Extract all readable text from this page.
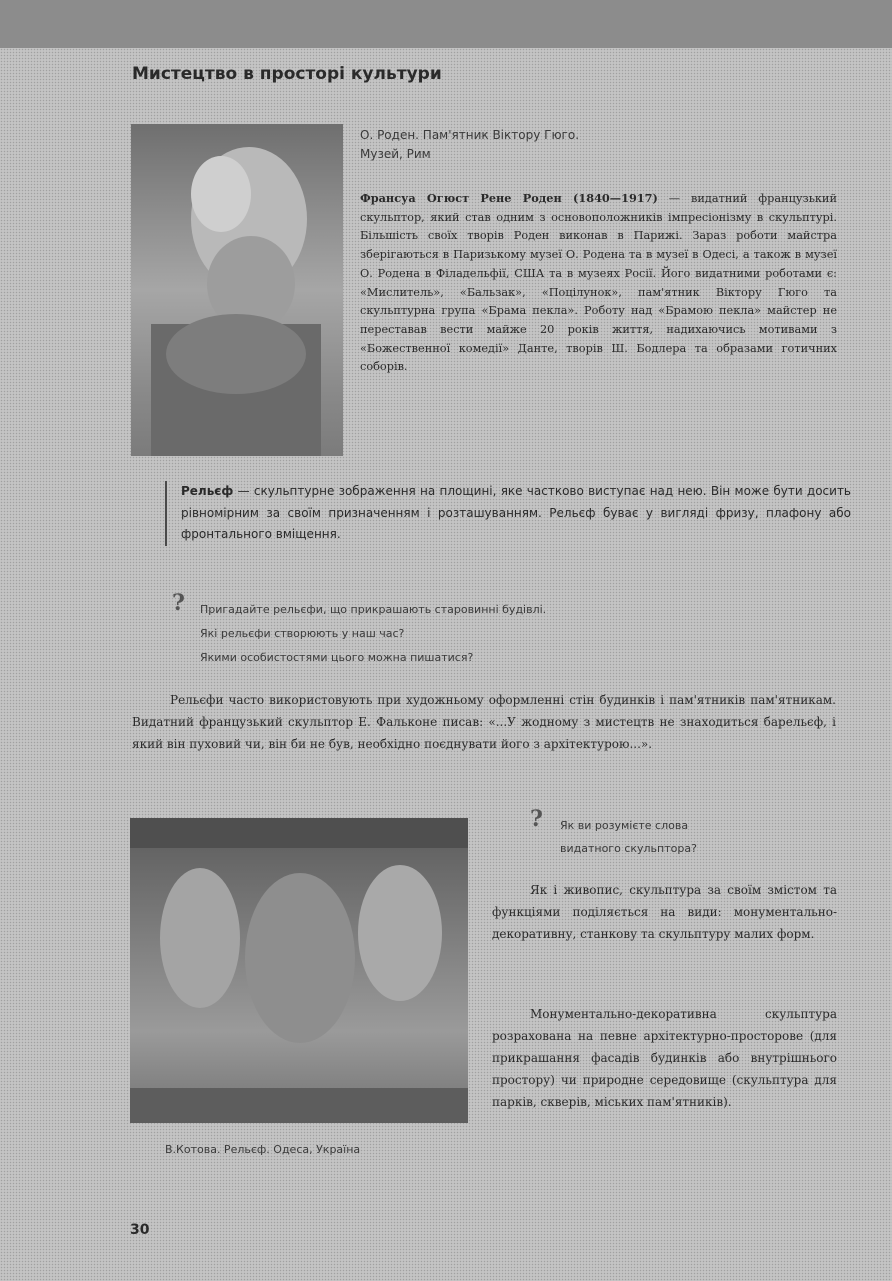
Мистецтво в просторі культури
О. Роден. Пам'ятник Віктору Гюго.
Музей, Рим
Франсуа Огюст Рене Роден (1840—1917) — видатний французький скульптор, який став одним з основоположників імпресіонізму в скульптурі. Більшість своїх творів Роден виконав в Парижі. Зараз роботи майстра зберігаються в Паризькому музеї О. Родена та в музеї в Одесі, а також в музеї О. Родена в Філадельфії, США та в музеях Росії. Його видатними роботами є: «Мислитель», «Бальзак», «Поцілунок», пам'ятник Віктору Гюго та скульптурна група «Брама пекла». Роботу над «Брамою пекла» майстер не переставав вести майже 20 років життя, надихаючись мотивами з «Божественної комедії» Данте, творів Ш. Бодлера та образами готичних соборів.
Рельєф — скульптурне зображення на площині, яке частково виступає над нею. Він може бути досить рівномірним за своїм призначенням і розташуванням. Рельєф буває у вигляді фризу, плафону або фронтального вміщення.
? Пригадайте рельєфи, що прикрашають старовинні будівлі.
Які рельєфи створюють у наш час?
Якими особистостями цього можна пишатися?
Рельєфи часто використовують при художньому оформленні стін будинків і пам'ятників пам'ятникам. Видатний французький скульптор Е. Фальконе писав: «...У жодному з мистецтв не знаходиться барельєф, і який він пуховий чи, він би не був, необхідно поєднувати його з архітектурою...».
В.Котова. Рельєф. Одеса, Україна
? Як ви розумієте слова
видатного скульптора?
Як і живопис, скульптура за своїм змістом та функціями поділяється на види: монументально-декоративну, станкову та скульптуру малих форм.
Монументально-декоративна скульптура розрахована на певне архітектурно-просторове (для прикрашання фасадів будинків або внутрішнього простору) чи природне середовище (скульптура для парків, скверів, міських пам'ятників).
30
